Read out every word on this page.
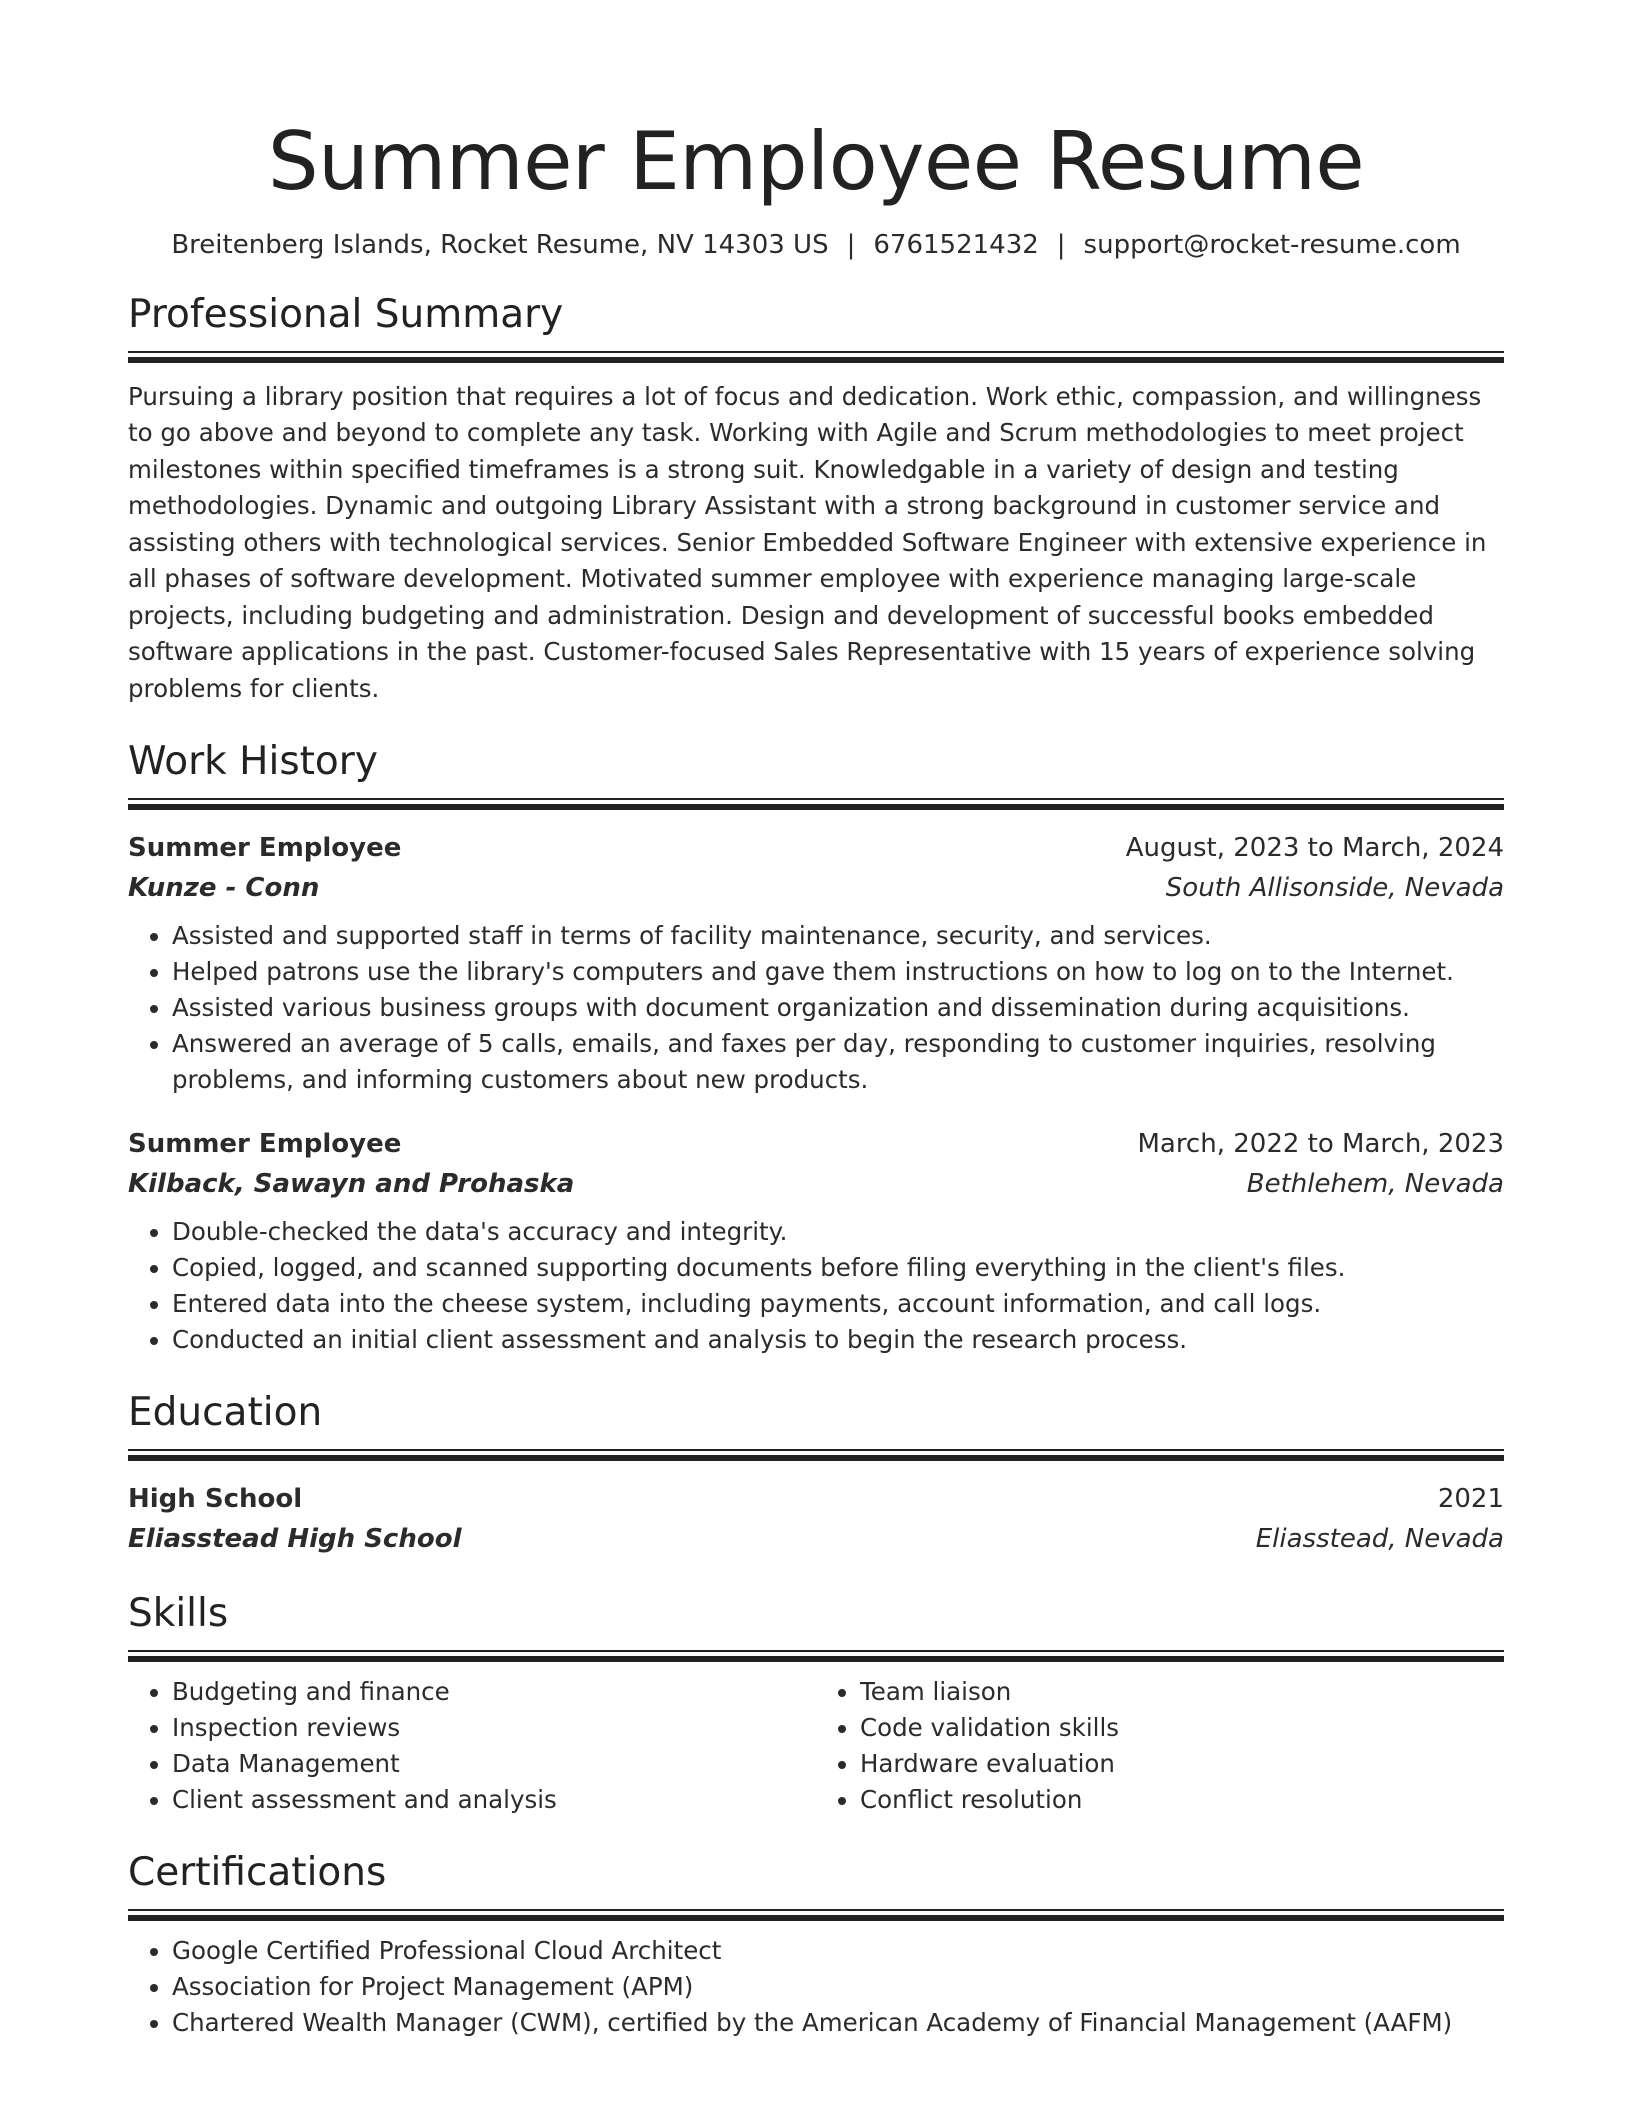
Summer Employee Resume
Breitenberg Islands, Rocket Resume, NV 14303 US | 6761521432 | support@rocket-resume.com
Professional Summary
Pursuing a library position that requires a lot of focus and dedication. Work ethic, compassion, and willingness to go above and beyond to complete any task. Working with Agile and Scrum methodologies to meet project milestones within specified timeframes is a strong suit. Knowledgable in a variety of design and testing methodologies. Dynamic and outgoing Library Assistant with a strong background in customer service and assisting others with technological services. Senior Embedded Software Engineer with extensive experience in all phases of software development. Motivated summer employee with experience managing large-scale projects, including budgeting and administration. Design and development of successful books embedded software applications in the past. Customer-focused Sales Representative with 15 years of experience solving problems for clients.
Work History
Summer Employee	August, 2023 to March, 2024
Kunze - Conn	South Allisonside, Nevada
• Assisted and supported staff in terms of facility maintenance, security, and services.
• Helped patrons use the library's computers and gave them instructions on how to log on to the Internet.
• Assisted various business groups with document organization and dissemination during acquisitions.
• Answered an average of 5 calls, emails, and faxes per day, responding to customer inquiries, resolving problems, and informing customers about new products.
Summer Employee	March, 2022 to March, 2023
Kilback, Sawayn and Prohaska	Bethlehem, Nevada
• Double-checked the data's accuracy and integrity.
• Copied, logged, and scanned supporting documents before filing everything in the client's files.
• Entered data into the cheese system, including payments, account information, and call logs.
• Conducted an initial client assessment and analysis to begin the research process.
Education
High School	2021
Eliasstead High School	Eliasstead, Nevada
Skills
• Budgeting and finance
• Inspection reviews
• Data Management
• Client assessment and analysis
• Team liaison
• Code validation skills
• Hardware evaluation
• Conflict resolution
Certifications
• Google Certified Professional Cloud Architect
• Association for Project Management (APM)
• Chartered Wealth Manager (CWM), certified by the American Academy of Financial Management (AAFM)
